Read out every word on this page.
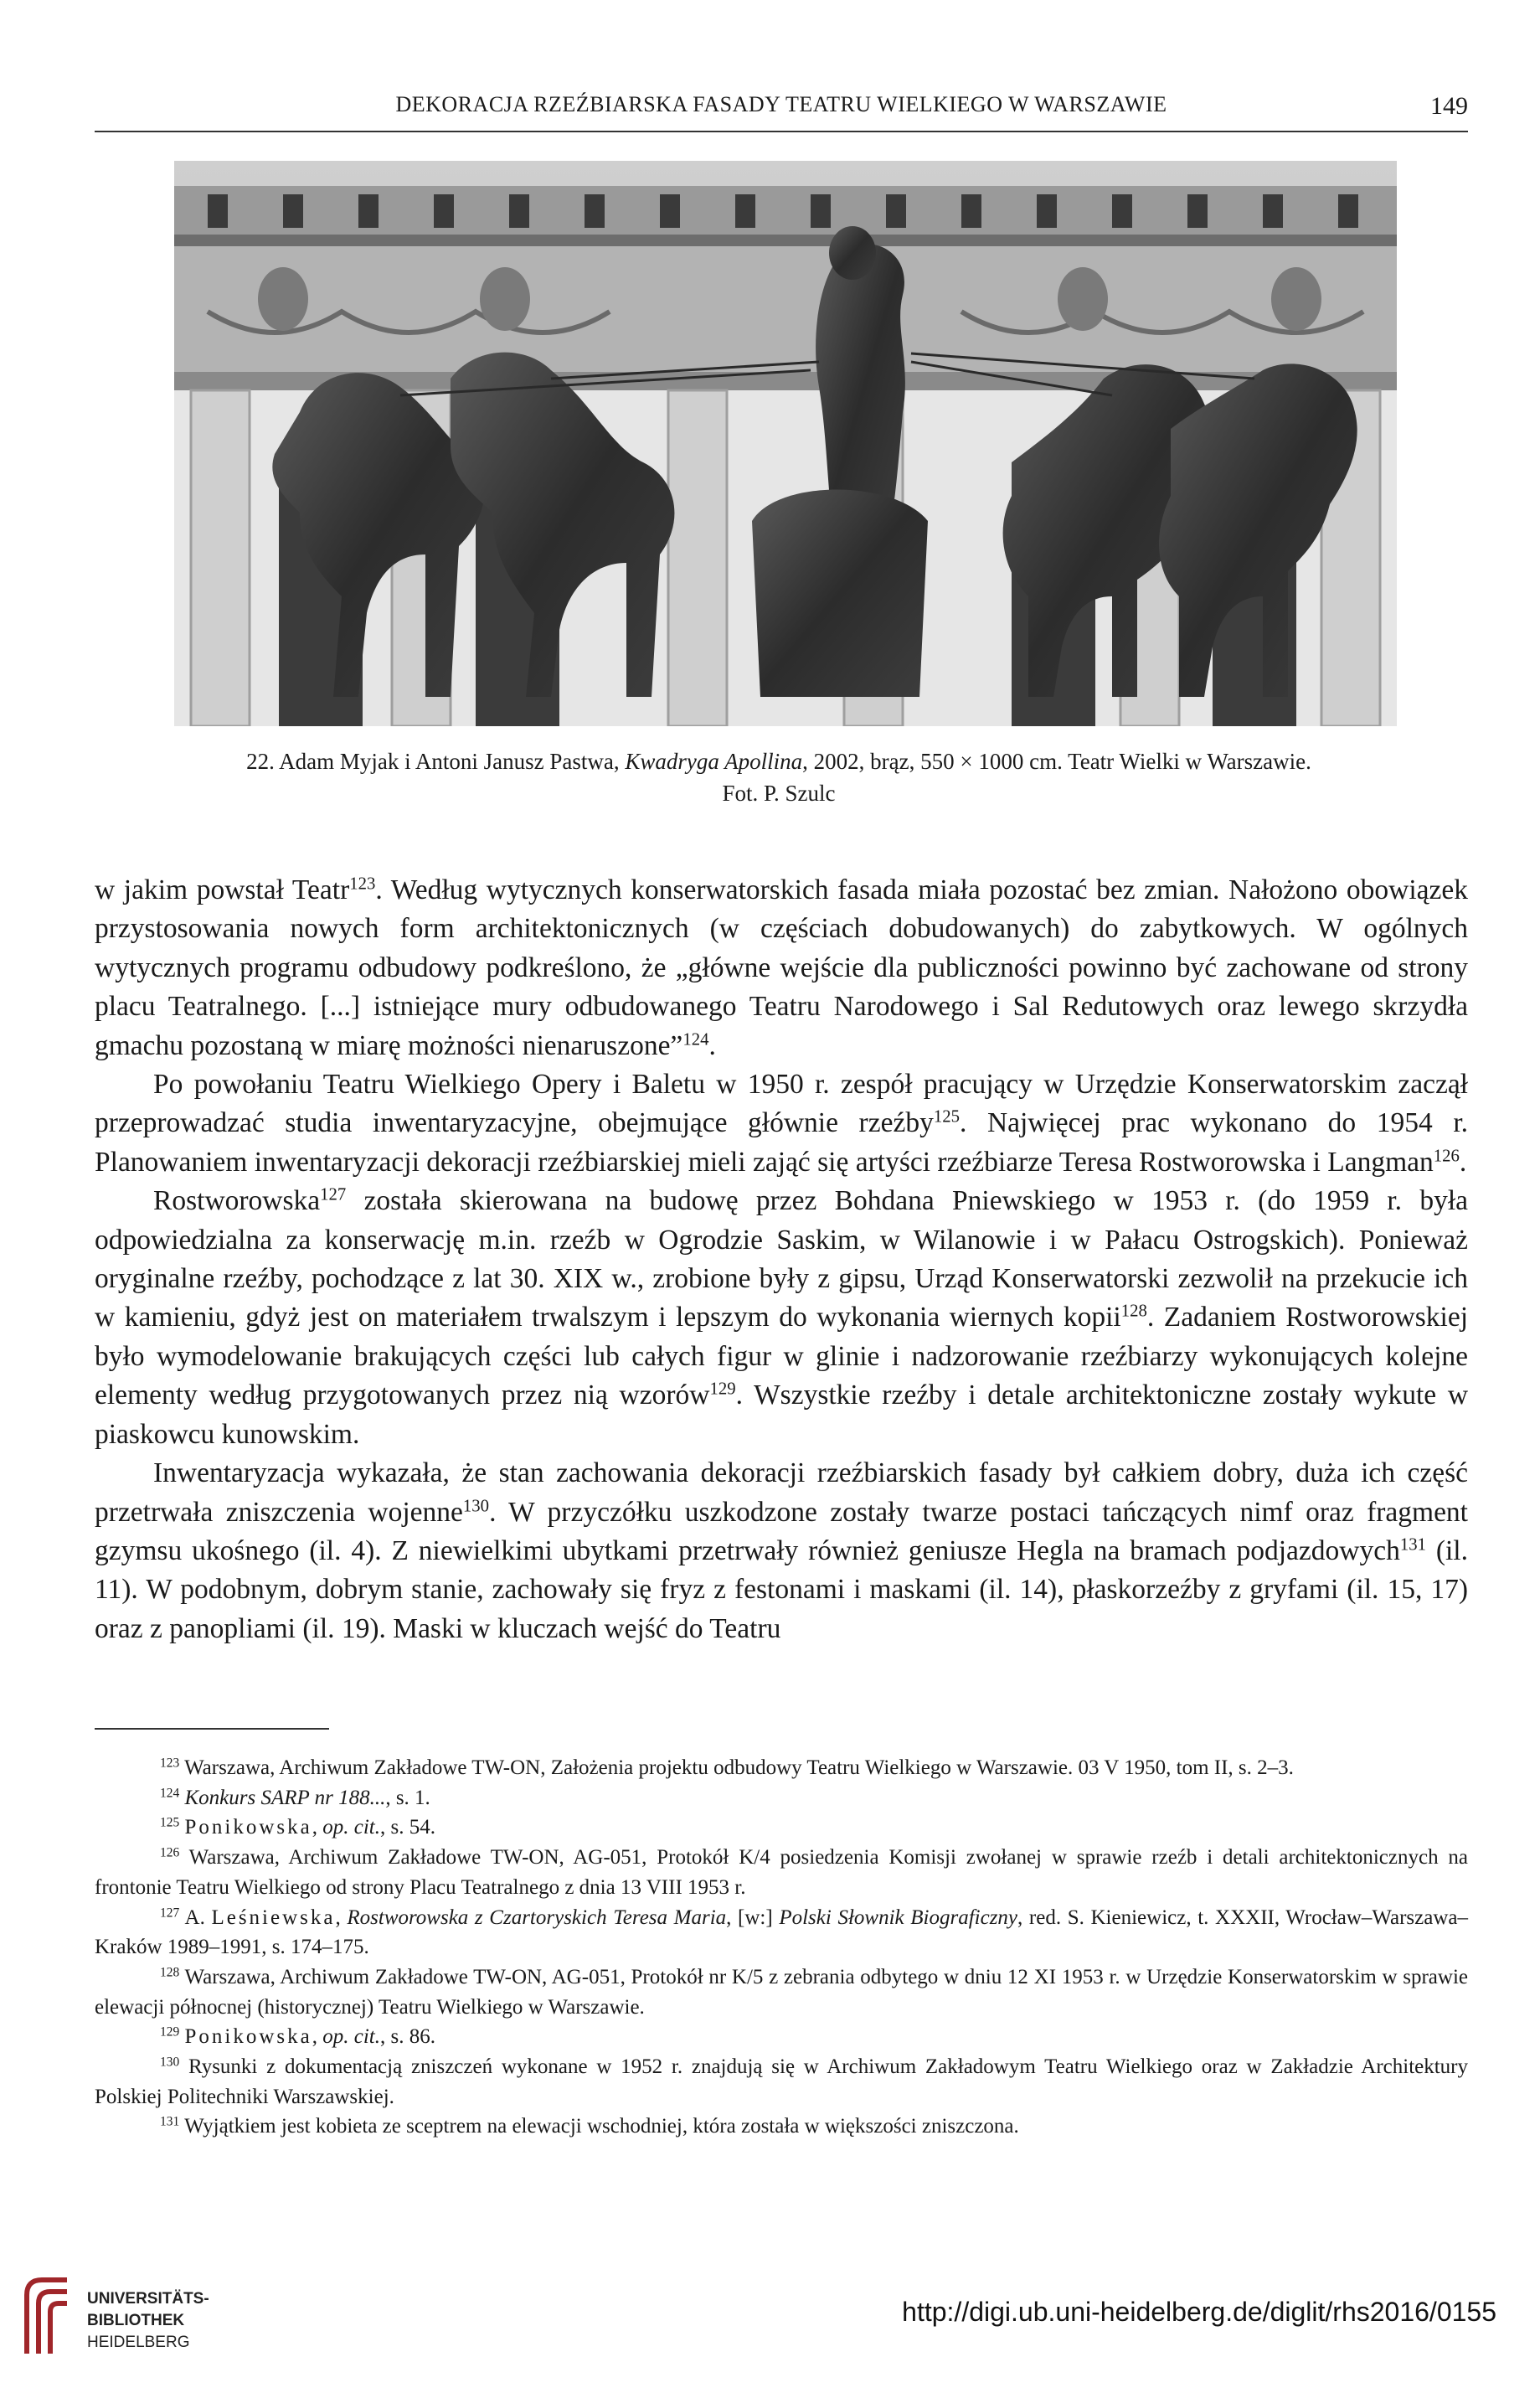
DEKORACJA RZEŹBIARSKA FASADY TEATRU WIELKIEGO W WARSZAWIE	149
22. Adam Myjak i Antoni Janusz Pastwa, Kwadryga Apollina, 2002, brąz, 550 × 1000 cm. Teatr Wielki w Warszawie.
Fot. P. Szulc

w jakim powstał Teatr$^{123}$. Według wytycznych konserwatorskich fasada miała pozostać bez zmian. Nałożono obowiązek przystosowania nowych form architektonicznych (w częściach dobudowanych) do zabytkowych. W ogólnych wytycznych programu odbudowy podkreślono, że „główne wejście dla publiczności powinno być zachowane od strony placu Teatralnego. [...] istniejące mury odbudowanego Teatru Narodowego i Sal Redutowych oraz lewego skrzydła gmachu pozostaną w miarę możności nienaruszone”$^{124}$.

Po powołaniu Teatru Wielkiego Opery i Baletu w 1950 r. zespół pracujący w Urzędzie Konserwatorskim zaczął przeprowadzać studia inwentaryzacyjne, obejmujące głównie rzeźby$^{125}$. Najwięcej prac wykonano do 1954 r. Planowaniem inwentaryzacji dekoracji rzeźbiarskiej mieli zająć się artyści rzeźbiarze Teresa Rostworowska i Langman$^{126}$.

Rostworowska$^{127}$ została skierowana na budowę przez Bohdana Pniewskiego w 1953 r. (do 1959 r. była odpowiedzialna za konserwację m.in. rzeźb w Ogrodzie Saskim, w Wilanowie i w Pałacu Ostrogskich). Ponieważ oryginalne rzeźby, pochodzące z lat 30. XIX w., zrobione były z gipsu, Urząd Konserwatorski zezwolił na przekucie ich w kamieniu, gdyż jest on materiałem trwalszym i lepszym do wykonania wiernych kopii$^{128}$. Zadaniem Rostworowskiej było wymodelowanie brakujących części lub całych figur w glinie i nadzorowanie rzeźbiarzy wykonujących kolejne elementy według przygotowanych przez nią wzorów$^{129}$. Wszystkie rzeźby i detale architektoniczne zostały wykute w piaskowcu kunowskim.

Inwentaryzacja wykazała, że stan zachowania dekoracji rzeźbiarskich fasady był całkiem dobry, duża ich część przetrwała zniszczenia wojenne$^{130}$. W przyczółku uszkodzone zostały twarze postaci tańczących nimf oraz fragment gzymsu ukośnego (il. 4). Z niewielkimi ubytkami przetrwały również geniusze Hegla na bramach podjazdowych$^{131}$ (il. 11). W podobnym, dobrym stanie, zachowały się fryz z festonami i maskami (il. 14), płaskorzeźby z gryfami (il. 15, 17) oraz z panopliami (il. 19). Maski w kluczach wejść do Teatru

$^{123}$ Warszawa, Archiwum Zakładowe TW-ON, Założenia projektu odbudowy Teatru Wielkiego w Warszawie. 03 V 1950, tom II, s. 2–3.

$^{124}$ Konkurs SARP nr 188..., s. 1.

$^{125}$ Ponikowska, op. cit., s. 54.

$^{126}$ Warszawa, Archiwum Zakładowe TW-ON, AG-051, Protokół K/4 posiedzenia Komisji zwołanej w sprawie rzeźb i detali architektonicznych na frontonie Teatru Wielkiego od strony Placu Teatralnego z dnia 13 VIII 1953 r.

$^{127}$ A. Leśniewska, Rostworowska z Czartoryskich Teresa Maria, [w:] Polski Słownik Biograficzny, red. S. Kieniewicz, t. XXXII, Wrocław–Warszawa–Kraków 1989–1991, s. 174–175.

$^{128}$ Warszawa, Archiwum Zakładowe TW-ON, AG-051, Protokół nr K/5 z zebrania odbytego w dniu 12 XI 1953 r. w Urzędzie Konserwatorskim w sprawie elewacji północnej (historycznej) Teatru Wielkiego w Warszawie.

$^{129}$ Ponikowska, op. cit., s. 86.

$^{130}$ Rysunki z dokumentacją zniszczeń wykonane w 1952 r. znajdują się w Archiwum Zakładowym Teatru Wielkiego oraz w Zakładzie Architektury Polskiej Politechniki Warszawskiej.

$^{131}$ Wyjątkiem jest kobieta ze sceptrem na elewacji wschodniej, która została w większości zniszczona.

UNIVERSITÄTS-
BIBLIOTHEK
HEIDELBERG
http://digi.ub.uni-heidelberg.de/diglit/rhs2016/0155
